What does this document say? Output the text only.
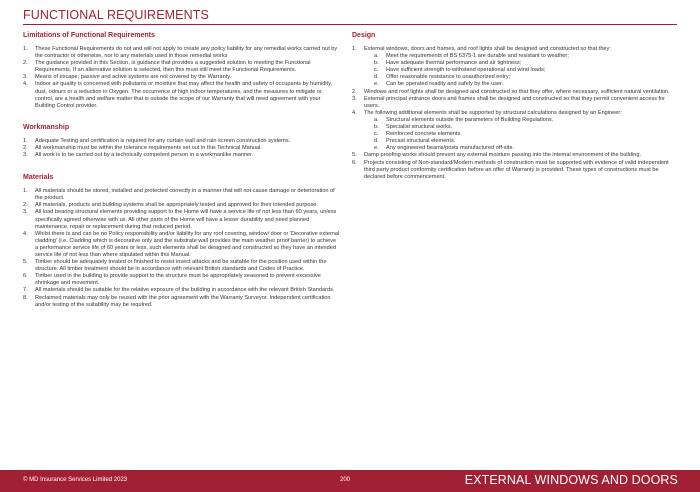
FUNCTIONAL REQUIREMENTS
Limitations of Functional Requirements
1. These Functional Requirements do not and will not apply to create any policy liability for any remedial works carried out by the contractor or otherwise, nor to any materials used in those remedial works
2. The guidance provided in this Section, is guidance that provides a suggested solution to meeting the Functional Requirements. If an alternative solution is selected, then this must still meet the Functional Requirements.
3. Means of escape, passive and active systems are not covered by the Warranty.
4. Indoor air quality is concerned with pollutants or moisture that may affect the health and safety of occupants by humidity, dust, odours or a reduction in Oxygen. The occurrence of high indoor temperatures, and the measures to mitigate or control, are a health and welfare matter that is outside the scope of our Warranty that will need agreement with your Building Control provider.
Workmanship
1. Adequate Testing and certification is required for any curtain wall and rain screen construction systems.
2. All workmanship must be within the tolerance requirements set out in this Technical Manual.
3. All work is to be carried out by a technically competent person in a workmanlike manner.
Materials
1. All materials should be stored, installed and protected correctly in a manner that will not cause damage or deterioration of the product.
2. All materials, products and building systems shall be appropriately tested and approved for their intended purpose.
3. All load bearing structural elements providing support to the Home will have a service life of not less than 60 years, unless specifically agreed otherwise with us. All other parts of the Home will have a lesser durability and need planned maintenance, repair or replacement during that reduced period.
4. Whilst there is and can be no Policy responsibility and/or liability for any roof covering, window/ door or 'Decorative external cladding' (i.e. Cladding which is decorative only and the substrate wall provides the main weather proof barrier) to achieve a performance service life of 60 years or less, such elements shall be designed and constructed so they have an intended service life of not less than where stipulated within this Manual.
5. Timber should be adequately treated or finished to resist insect attacks and be suitable for the position used within the structure. All timber treatment should be in accordance with relevant British standards and Codes of Practice.
6. Timber used in the building to provide support to the structure must be appropriately seasoned to prevent excessive shrinkage and movement.
7. All materials should be suitable for the relative exposure of the building in accordance with the relevant British Standards.
8. Reclaimed materials may only be reused with the prior agreement with the Warranty Surveyor. Independent certification and/or testing of the suitability may be required.
Design
1. External windows, doors and frames, and roof lights shall be designed and constructed so that they:
a. Meet the requirements of BS 6375-1 are durable and resistant to weather;
b. Have adequate thermal performance and air tightness;
c. Have sufficient strength to withstand operational and wind loads;
d. Offer reasonable resistance to unauthorized entry;
e. Can be operated readily and safely by the user.
2. Windows and roof lights shall be designed and constructed so that they offer, where necessary, sufficient natural ventilation.
3. External principal entrance doors and frames shall be designed and constructed so that they permit convenient access for users.
4. The following additional elements shall be supported by structural calculations designed by an Engineer:
a. Structural elements outside the parameters of Building Regulations.
b. Specialist structural works.
c. Reinforced concrete elements.
d. Precast structural elements.
e. Any engineered beams/posts manufactured off-site.
5. Damp proofing works should prevent any external moisture passing into the internal environment of the building.
6. Projects consisting of Non-standard/Modern methods of construction must be supported with evidence of valid independent third party product conformity certification before an offer of Warranty is provided. These types of constructions must be declared before commencement.
© MD Insurance Services Limited 2023	200	EXTERNAL WINDOWS AND DOORS
